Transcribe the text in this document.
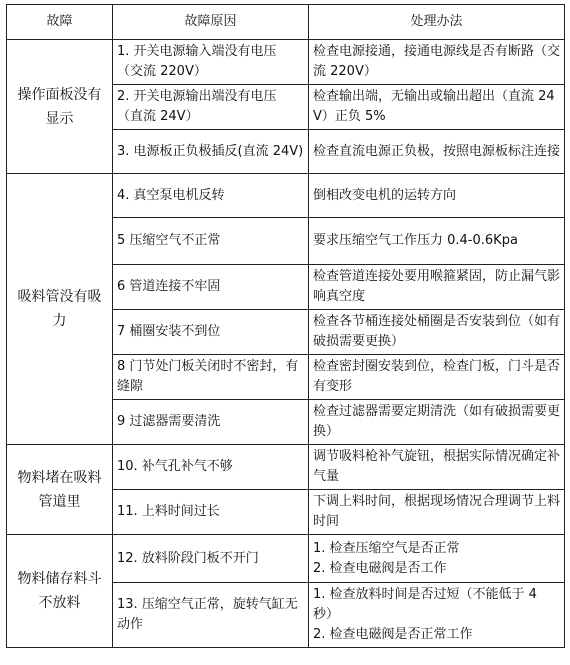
故障	故障原因	处理办法
操作面板没有显示	1. 开关电源输入端没有电压　（交流 220V）	检查电源接通，接通电源线是否有断路（交流 220V）
	2. 开关电源输出端没有电压　（直流 24V）	检查输出端，无输出或输出超出（直流 24V）正负 5%
	3. 电源板正负极插反(直流 24V)	检查直流电源正负极，按照电源板标注连接
吸料管没有吸力	4. 真空泵电机反转	倒相改变电机的运转方向
	5 压缩空气不正常	要求压缩空气工作压力 0.4-0.6Kpa
	6 管道连接不牢固	检查管道连接处要用喉箍紧固，防止漏气影响真空度
	7 桶圈安装不到位	检查各节桶连接处桶圈是否安装到位（如有破损需要更换）
	8 门节处门板关闭时不密封，有缝隙	检查密封圈安装到位，检查门板，门斗是否有变形
	9 过滤器需要清洗	检查过滤器需要定期清洗（如有破损需要更换）
物料堵在吸料管道里	10. 补气孔补气不够	调节吸料枪补气旋钮，根据实际情况确定补气量
	11. 上料时间过长	下调上料时间，根据现场情况合理调节上料时间
物料储存料斗不放料	12. 放料阶段门板不开门	1. 检查压缩空气是否正常
2. 检查电磁阀是否工作
	13. 压缩空气正常，旋转气缸无动作	1. 检查放料时间是否过短（不能低于 4 秒）
2. 检查电磁阀是否正常工作
